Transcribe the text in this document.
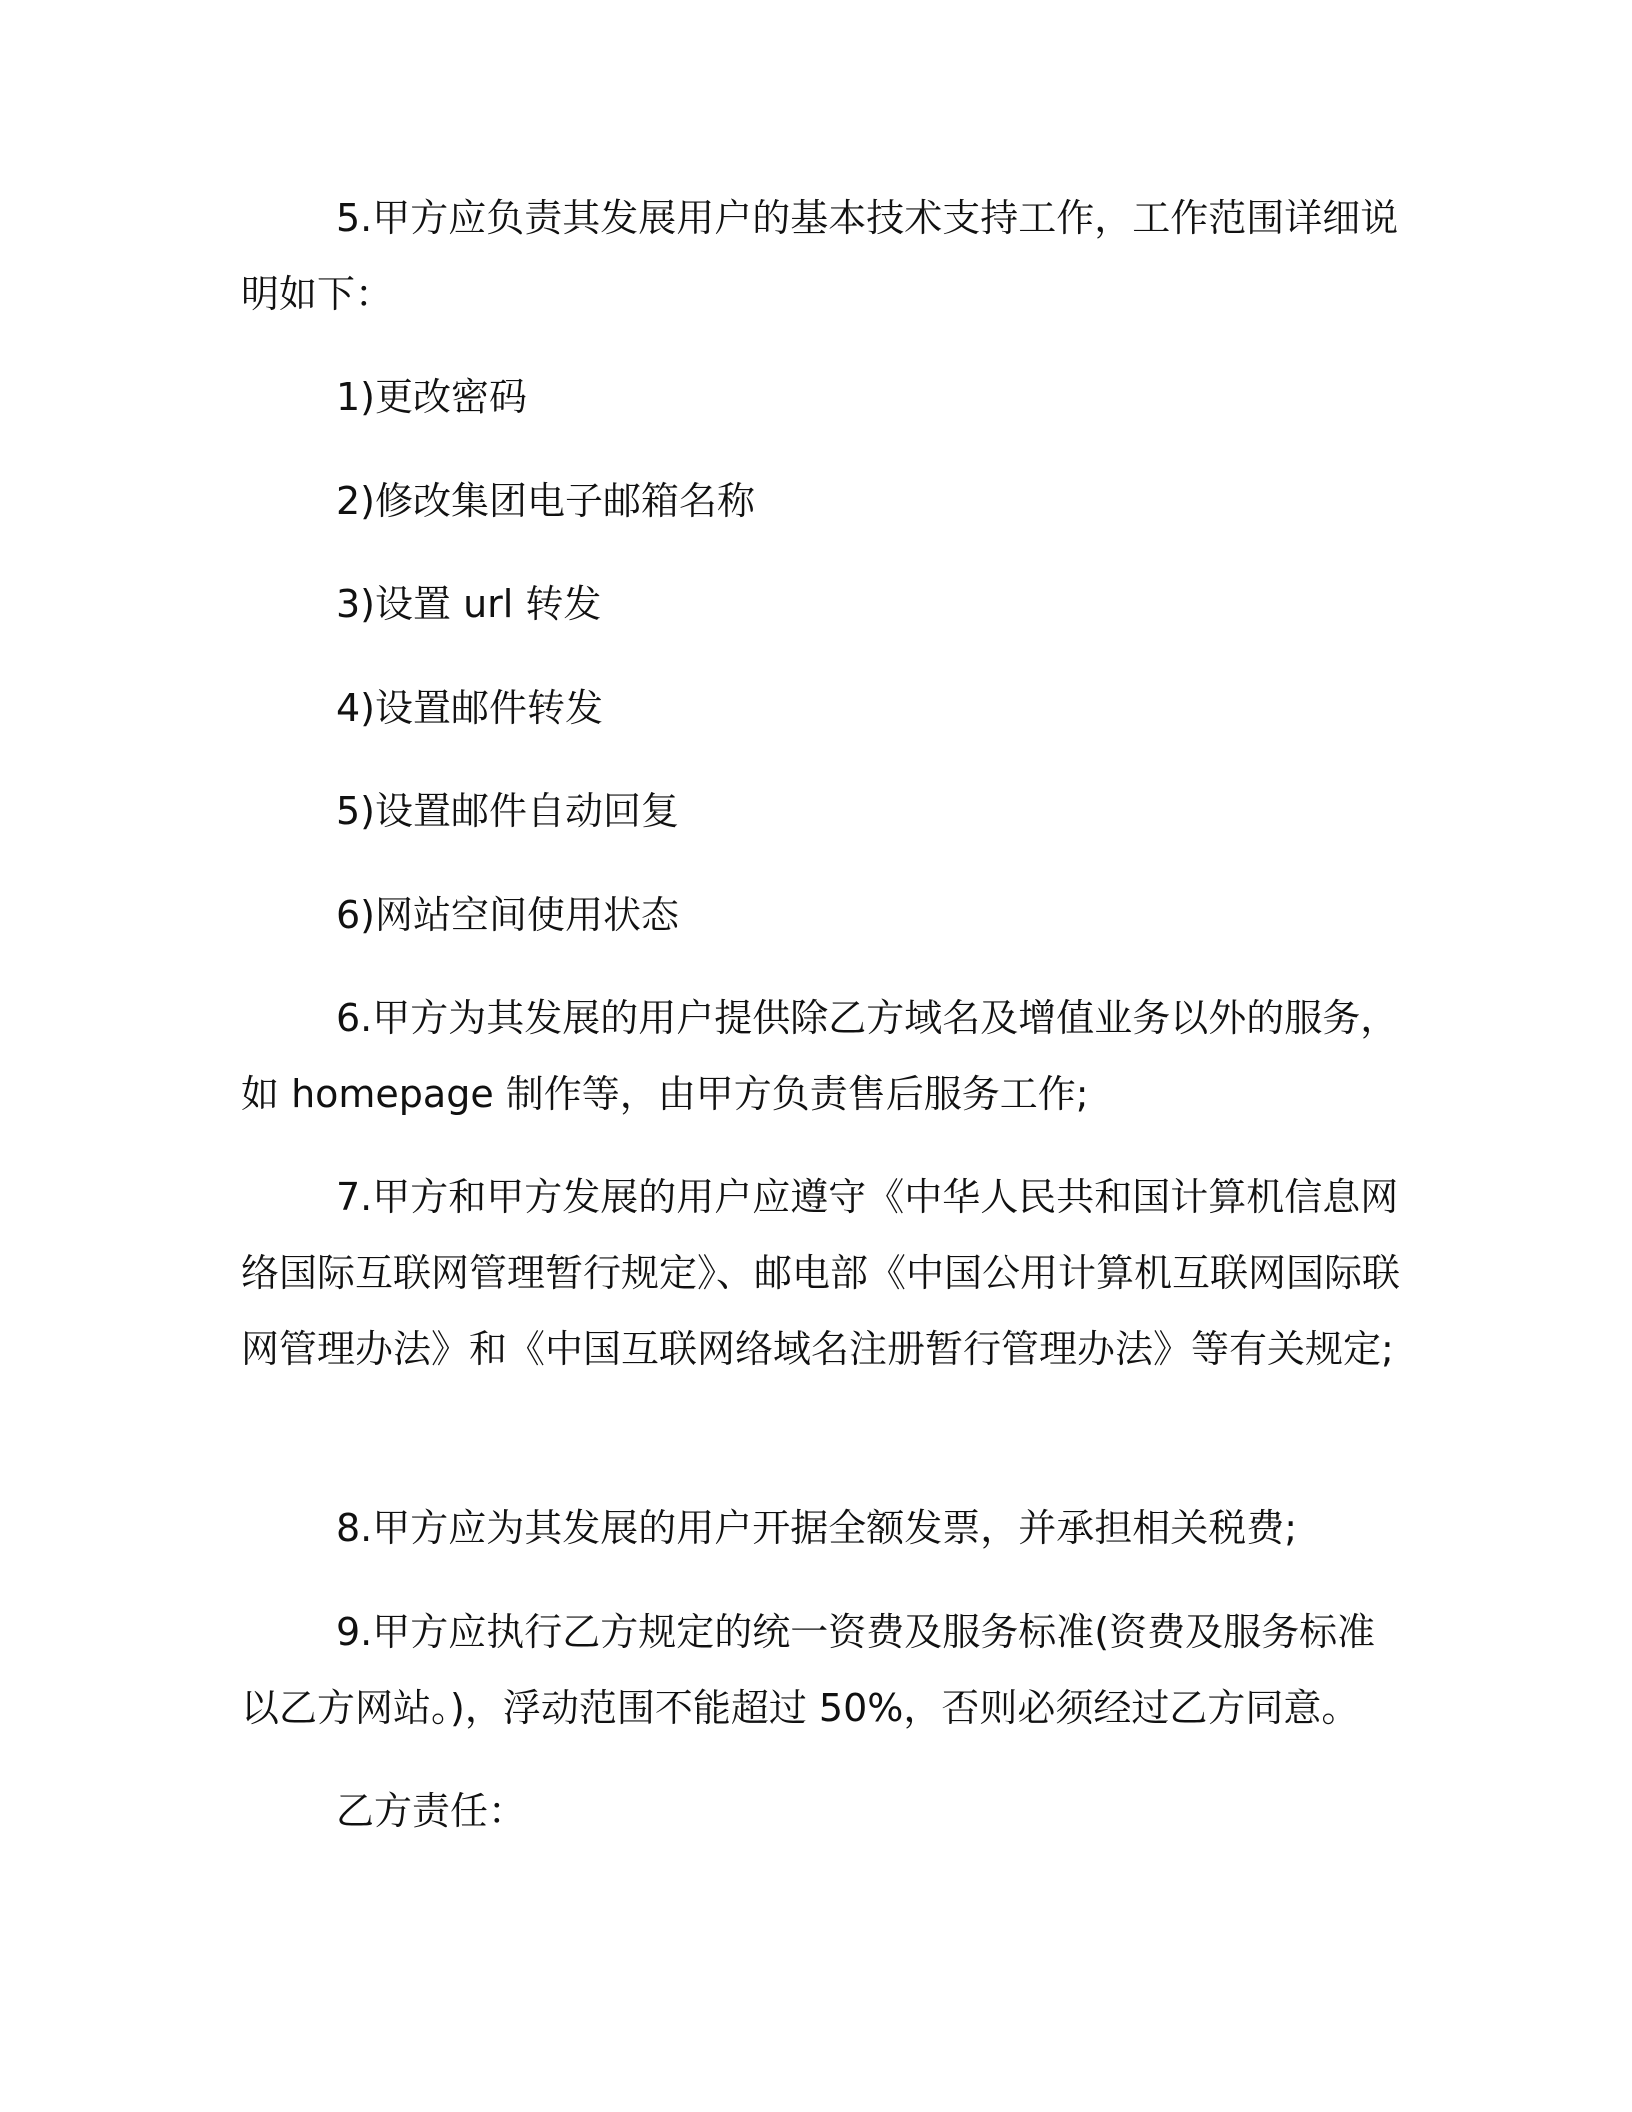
5.甲方应负责其发展用户的基本技术支持工作，工作范围详细说明如下：

1)更改密码

2)修改集团电子邮箱名称

3)设置 url 转发

4)设置邮件转发

5)设置邮件自动回复

6)网站空间使用状态

6.甲方为其发展的用户提供除乙方域名及增值业务以外的服务，如 homepage 制作等，由甲方负责售后服务工作;

7.甲方和甲方发展的用户应遵守《中华人民共和国计算机信息网络国际互联网管理暂行规定》、邮电部《中国公用计算机互联网国际联网管理办法》和《中国互联网络域名注册暂行管理办法》等有关规定;

8.甲方应为其发展的用户开据全额发票，并承担相关税费;

9.甲方应执行乙方规定的统一资费及服务标准(资费及服务标准以乙方网站。)，浮动范围不能超过 50%，否则必须经过乙方同意。

乙方责任：
